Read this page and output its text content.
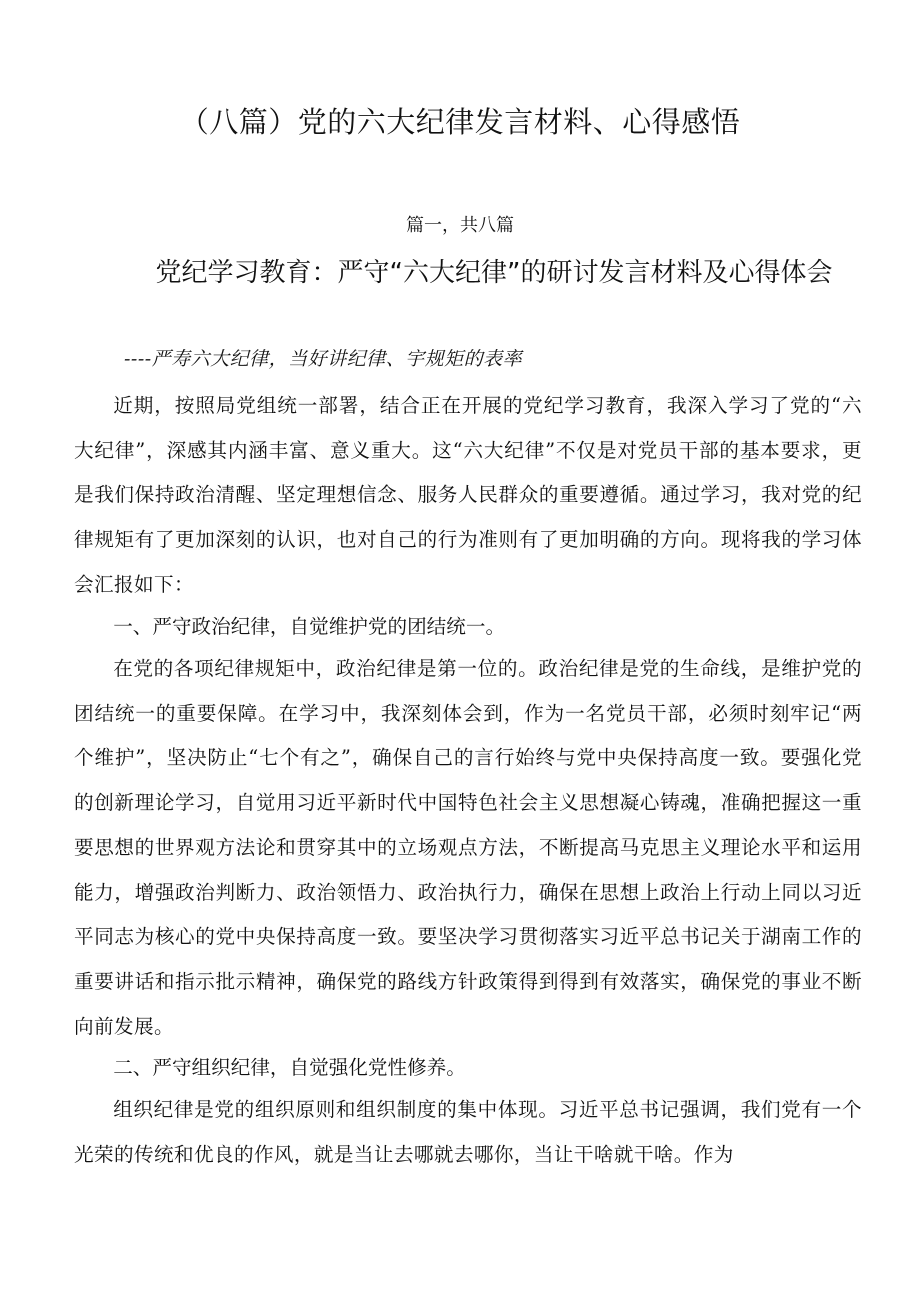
（八篇）党的六大纪律发言材料、心得感悟

篇一，共八篇

党纪学习教育：严守“六大纪律”的研讨发言材料及心得体会

----严寿六大纪律，当好讲纪律、宇规矩的表率

近期，按照局党组统一部署，结合正在开展的党纪学习教育，我深入学习了党的“六大纪律”，深感其内涵丰富、意义重大。这“六大纪律”不仅是对党员干部的基本要求，更是我们保持政治清醒、坚定理想信念、服务人民群众的重要遵循。通过学习，我对党的纪律规矩有了更加深刻的认识，也对自己的行为准则有了更加明确的方向。现将我的学习体会汇报如下：

一、严守政治纪律，自觉维护党的团结统一。

在党的各项纪律规矩中，政治纪律是第一位的。政治纪律是党的生命线，是维护党的团结统一的重要保障。在学习中，我深刻体会到，作为一名党员干部，必须时刻牢记“两个维护”，坚决防止“七个有之”，确保自己的言行始终与党中央保持高度一致。要强化党的创新理论学习，自觉用习近平新时代中国特色社会主义思想凝心铸魂，准确把握这一重要思想的世界观方法论和贯穿其中的立场观点方法，不断提高马克思主义理论水平和运用能力，增强政治判断力、政治领悟力、政治执行力，确保在思想上政治上行动上同以习近平同志为核心的党中央保持高度一致。要坚决学习贯彻落实习近平总书记关于湖南工作的重要讲话和指示批示精神，确保党的路线方针政策得到得到有效落实，确保党的事业不断向前发展。

二、严守组织纪律，自觉强化党性修养。

组织纪律是党的组织原则和组织制度的集中体现。习近平总书记强调，我们党有一个光荣的传统和优良的作风，就是当让去哪就去哪你，当让干啥就干啥。作为
